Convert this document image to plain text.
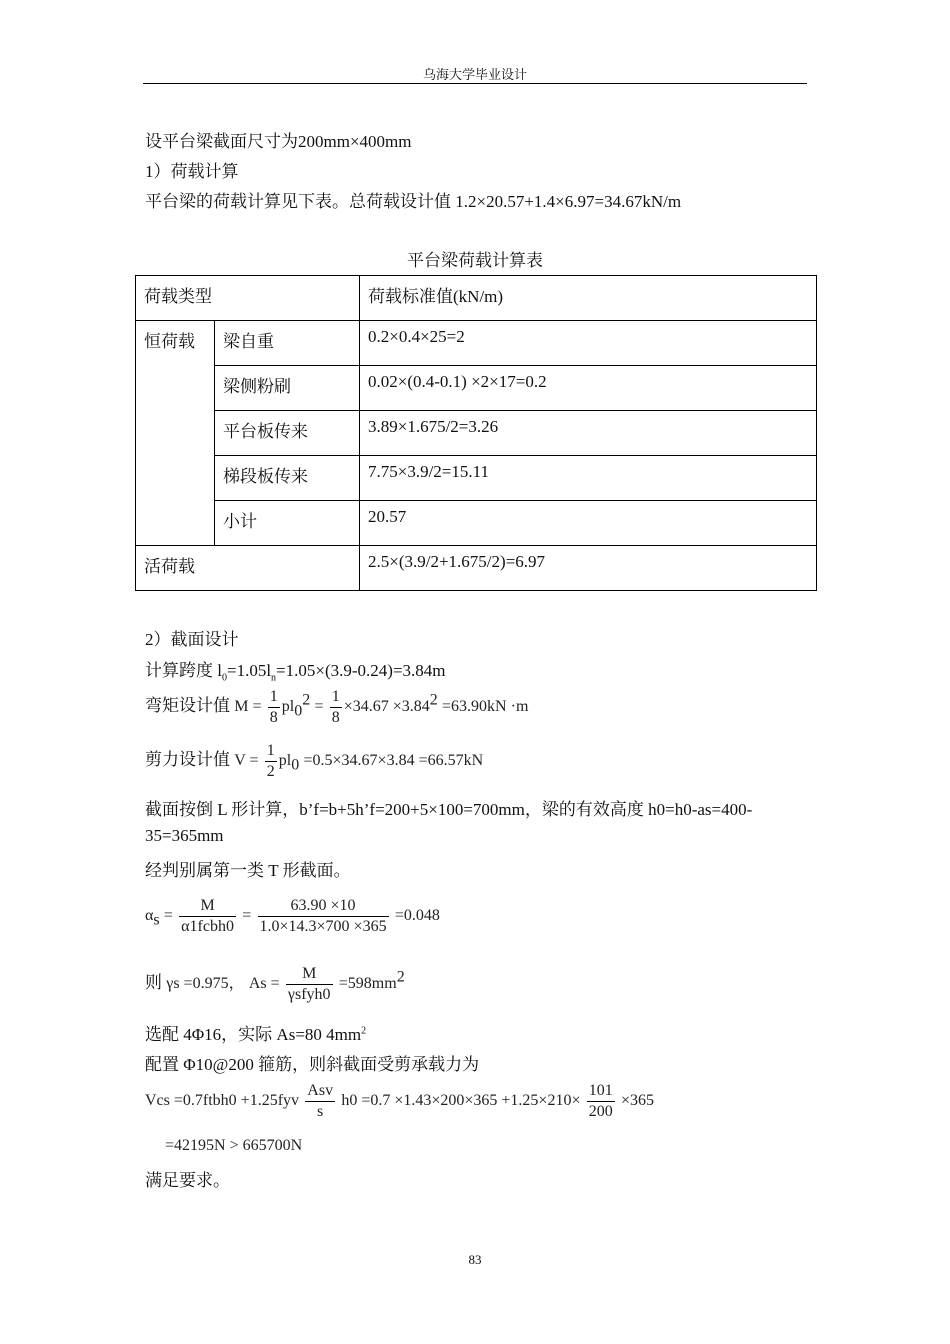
乌海大学毕业设计
设平台梁截面尺寸为200mm×400mm
1）荷载计算
平台梁的荷载计算见下表。总荷载设计值 1.2×20.57+1.4×6.97=34.67kN/m
平台梁荷载计算表
荷载类型		荷载标准值(kN/m)
恒荷载	梁自重	0.2×0.4×25=2
	梁侧粉刷	0.02×(0.4-0.1) ×2×17=0.2
	平台板传来	3.89×1.675/2=3.26
	梯段板传来	7.75×3.9/2=15.11
	小计	20.57
活荷载		2.5×(3.9/2+1.675/2)=6.97
2）截面设计
计算跨度 $l_0=1.05l_n=1.05\times(3.9-0.24)=3.84m$
弯矩设计值 $M = \frac{1}{8} pl_0^2 = \frac{1}{8} \times 34.67 \times 3.84^2 =63.90kN \cdot m$
剪力设计值 $V = \frac{1}{2} pl_0 =0.5\times 34.67\times 3.84 =66.57kN$
截面按倒 L 形计算，b’f=b+5h’f=200+5×100=700mm，梁的有效高度 h0=h0-as=400-
35=365mm
经判别属第一类 T 形截面。
$\alpha_s = \frac{M}{\text{α1fcbh0}} = \frac{63.90 \times 10}{1.0\times 14.3\times 700 \times 365} =0.048$
则 γs =0.975， $As = \frac{M}{\text{γsfyh0}} =598mm^2$
选配 4Φ16，实际 As=80 $4mm^2$
配置 Φ10@200 箍筋，则斜截面受剪承载力为
Vcs =0.7ftbh0 $+1.25fyv \frac{\text{Asv}}{s} h0 =0.7 \times 1.43\times 200\times 365 +1.25\times 210\times \frac{101}{200} \times 365$
=42195N > 665700N
满足要求。
83
